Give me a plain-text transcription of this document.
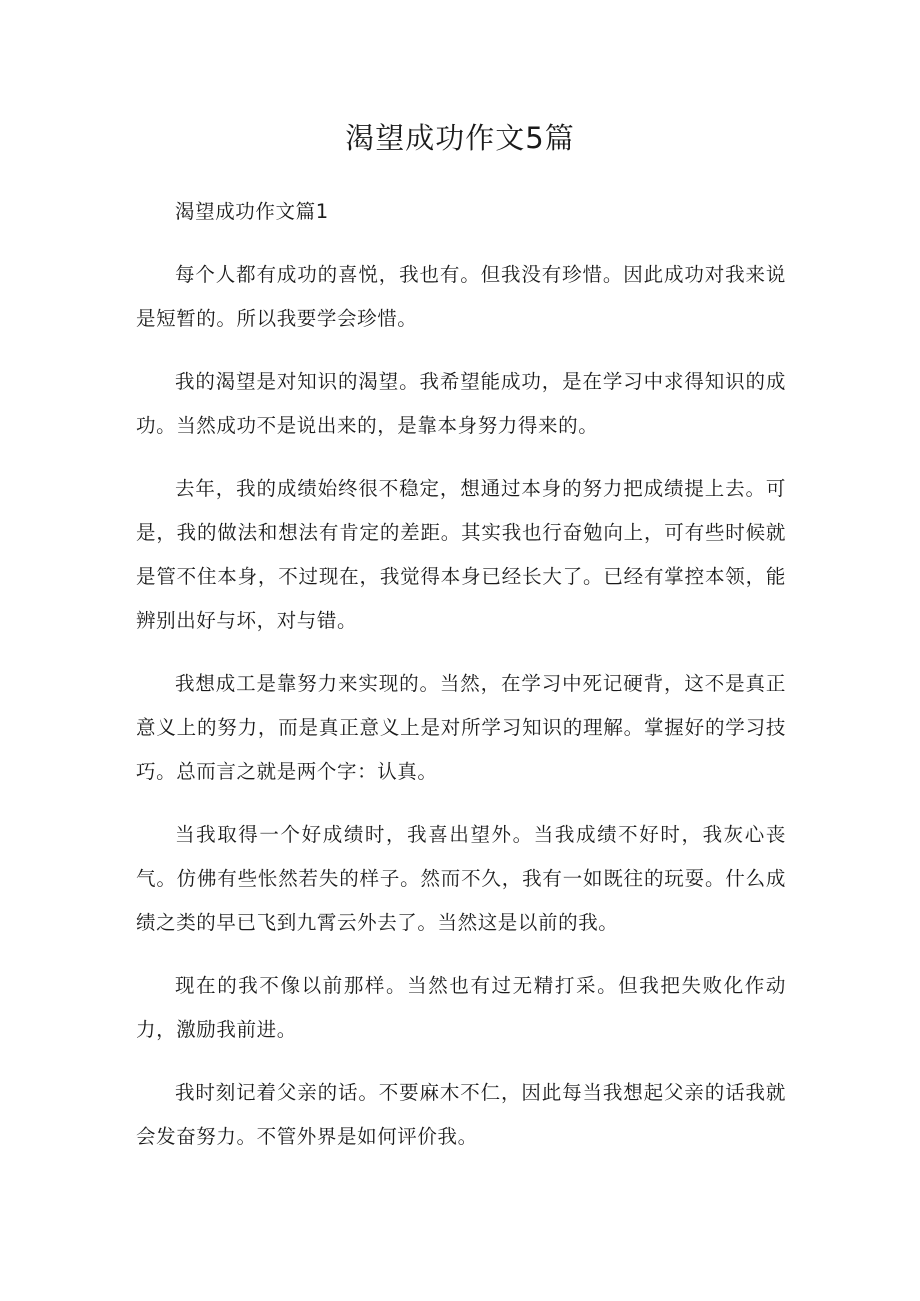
渴望成功作文5篇

渴望成功作文篇1

每个人都有成功的喜悦，我也有。但我没有珍惜。因此成功对我来说是短暂的。所以我要学会珍惜。

我的渴望是对知识的渴望。我希望能成功，是在学习中求得知识的成功。当然成功不是说出来的，是靠本身努力得来的。

去年，我的成绩始终很不稳定，想通过本身的努力把成绩提上去。可是，我的做法和想法有肯定的差距。其实我也行奋勉向上，可有些时候就是管不住本身，不过现在，我觉得本身已经长大了。已经有掌控本领，能辨别出好与坏，对与错。

我想成工是靠努力来实现的。当然，在学习中死记硬背，这不是真正意义上的努力，而是真正意义上是对所学习知识的理解。掌握好的学习技巧。总而言之就是两个字：认真。

当我取得一个好成绩时，我喜出望外。当我成绩不好时，我灰心丧气。仿佛有些怅然若失的样子。然而不久，我有一如既往的玩耍。什么成绩之类的早已飞到九霄云外去了。当然这是以前的我。

现在的我不像以前那样。当然也有过无精打采。但我把失败化作动力，激励我前进。

我时刻记着父亲的话。不要麻木不仁，因此每当我想起父亲的话我就会发奋努力。不管外界是如何评价我。
